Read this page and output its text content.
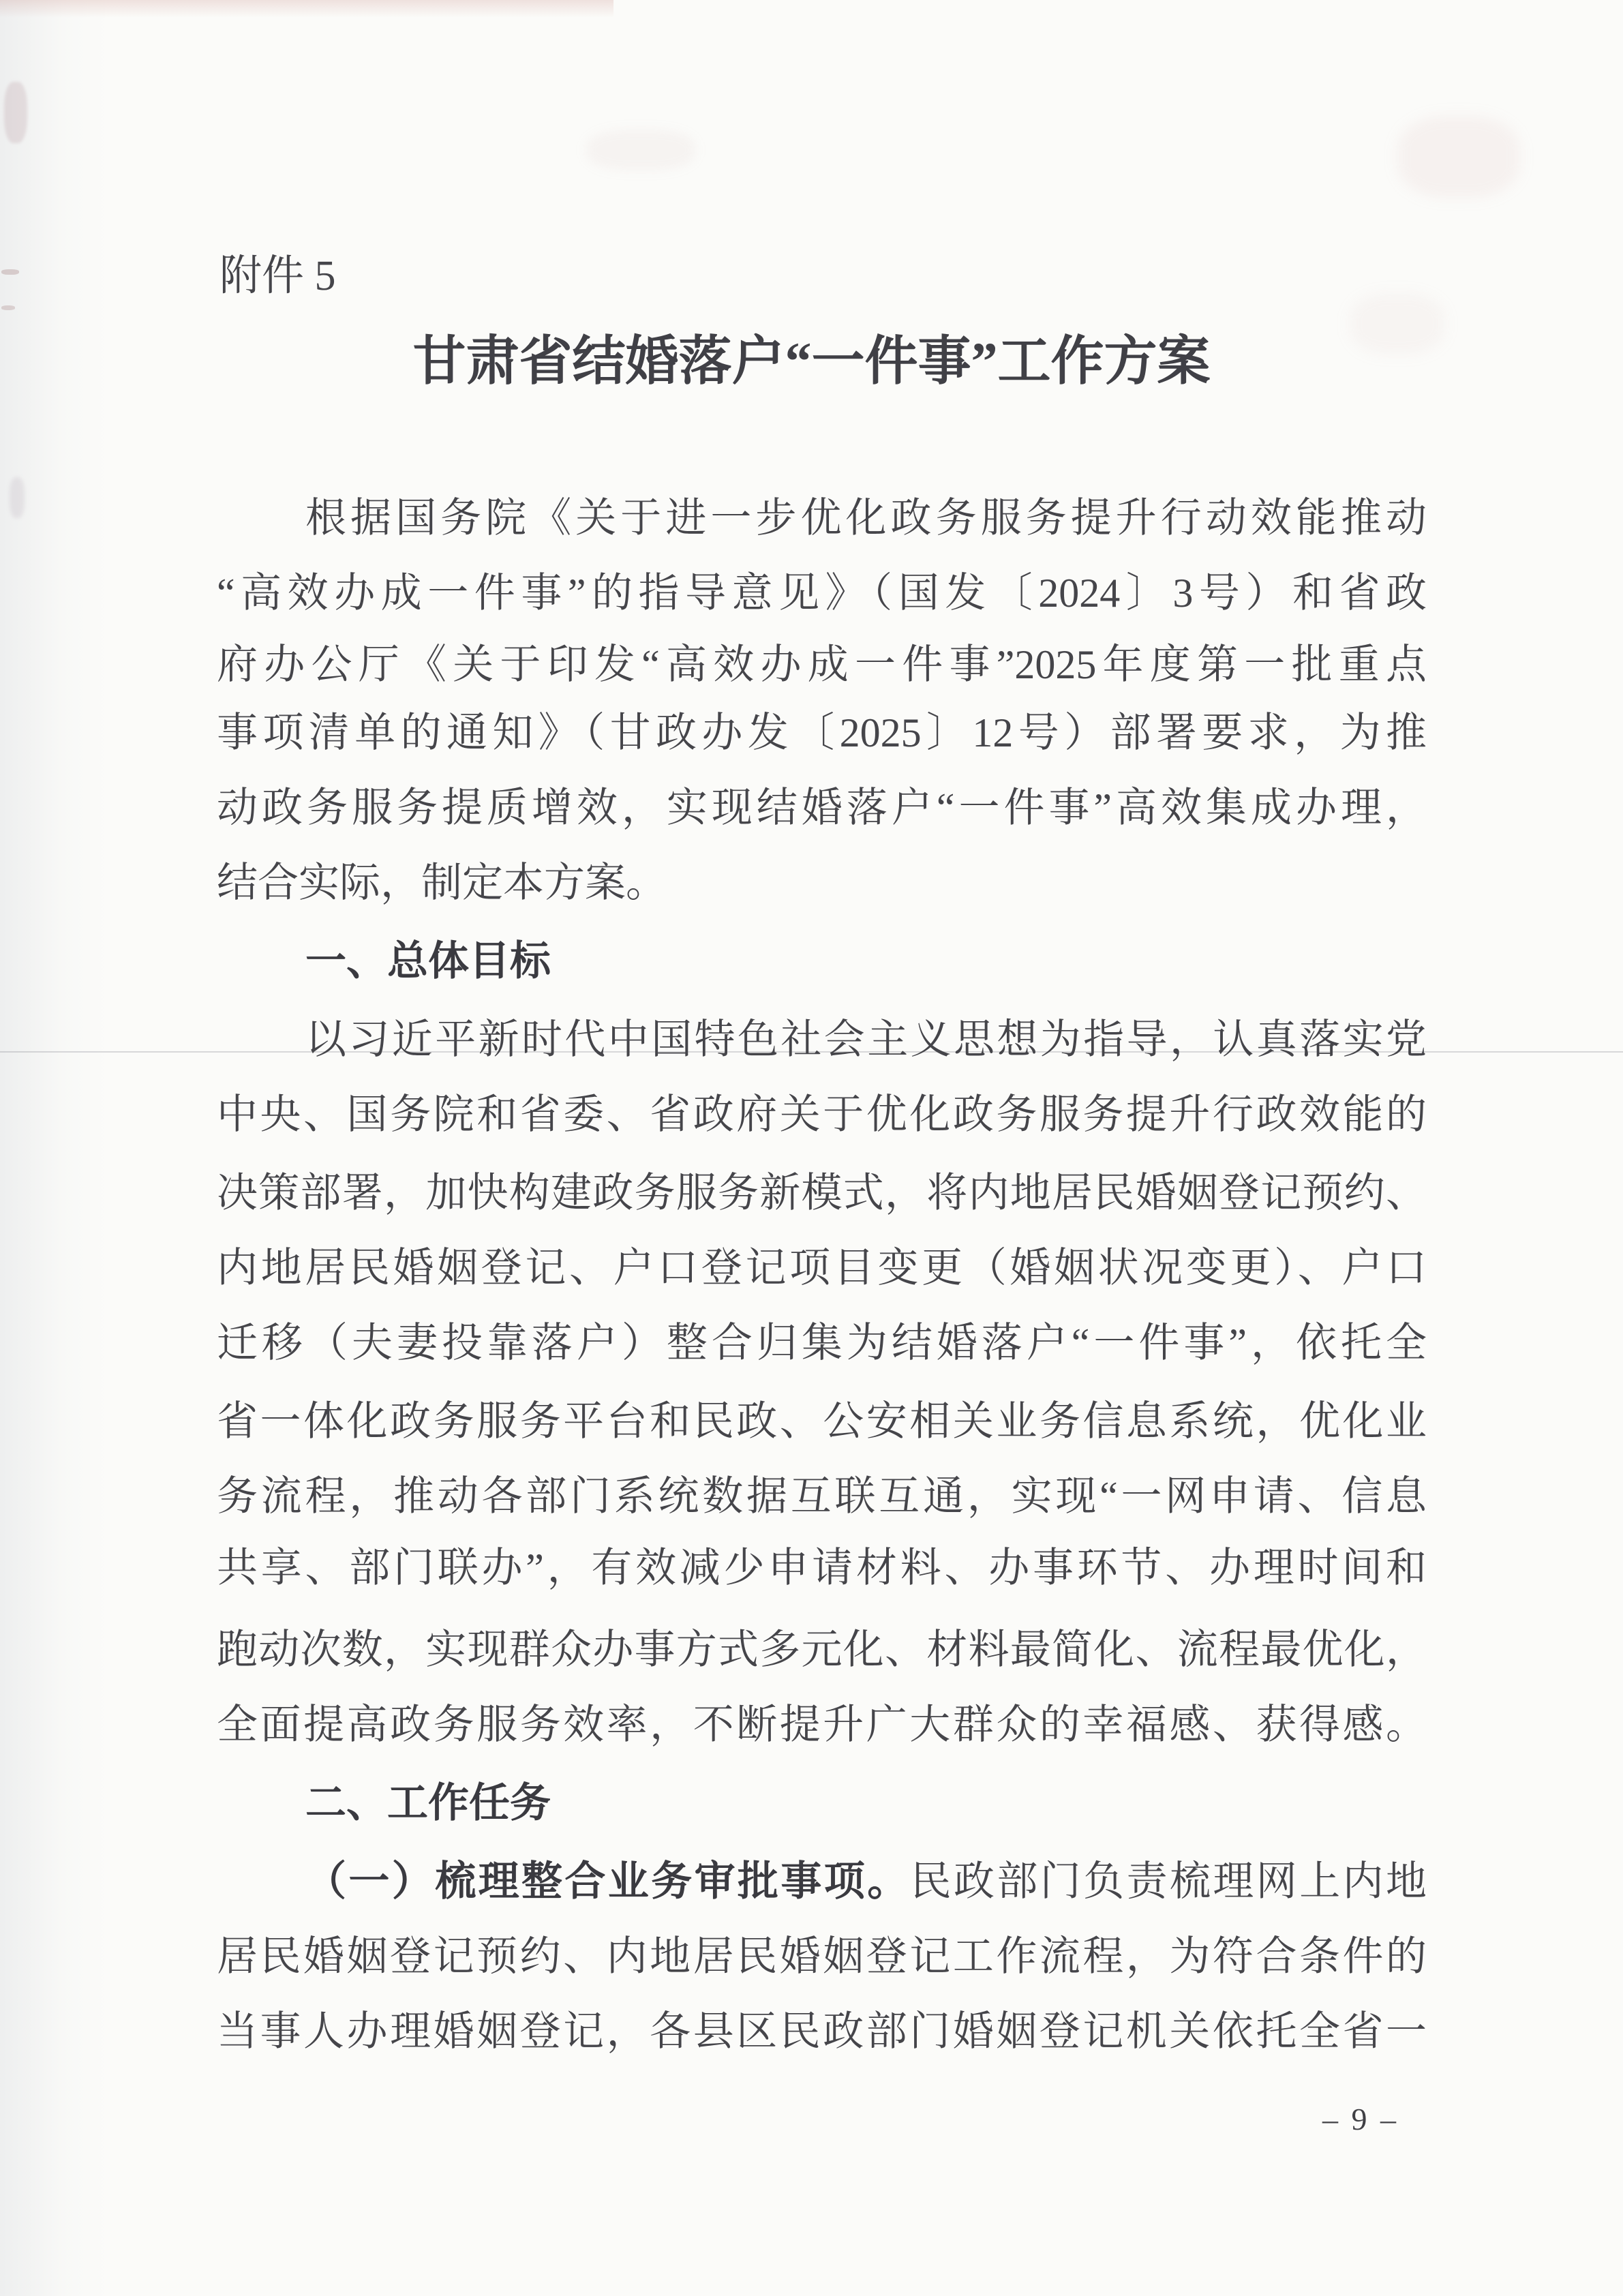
附件 5
甘肃省结婚落户“一件事”工作方案
根据国务院《关于进一步优化政务服务提升行动效能推动
“高效办成一件事”的指导意见》（国发〔2024〕3号）和省政
府办公厅《关于印发“高效办成一件事”2025年度第一批重点
事项清单的通知》（甘政办发〔2025〕12号）部署要求，为推
动政务服务提质增效，实现结婚落户“一件事”高效集成办理，
结合实际，制定本方案。
一、总体目标
以习近平新时代中国特色社会主义思想为指导，认真落实党
中央、国务院和省委、省政府关于优化政务服务提升行政效能的
决策部署，加快构建政务服务新模式，将内地居民婚姻登记预约、
内地居民婚姻登记、户口登记项目变更（婚姻状况变更）、户口
迁移（夫妻投靠落户）整合归集为结婚落户“一件事”，依托全
省一体化政务服务平台和民政、公安相关业务信息系统，优化业
务流程，推动各部门系统数据互联互通，实现“一网申请、信息
共享、部门联办”，有效减少申请材料、办事环节、办理时间和
跑动次数，实现群众办事方式多元化、材料最简化、流程最优化，
全面提高政务服务效率，不断提升广大群众的幸福感、获得感。
二、工作任务
（一）梳理整合业务审批事项。民政部门负责梳理网上内地
居民婚姻登记预约、内地居民婚姻登记工作流程，为符合条件的
当事人办理婚姻登记，各县区民政部门婚姻登记机关依托全省一
– 9 –
